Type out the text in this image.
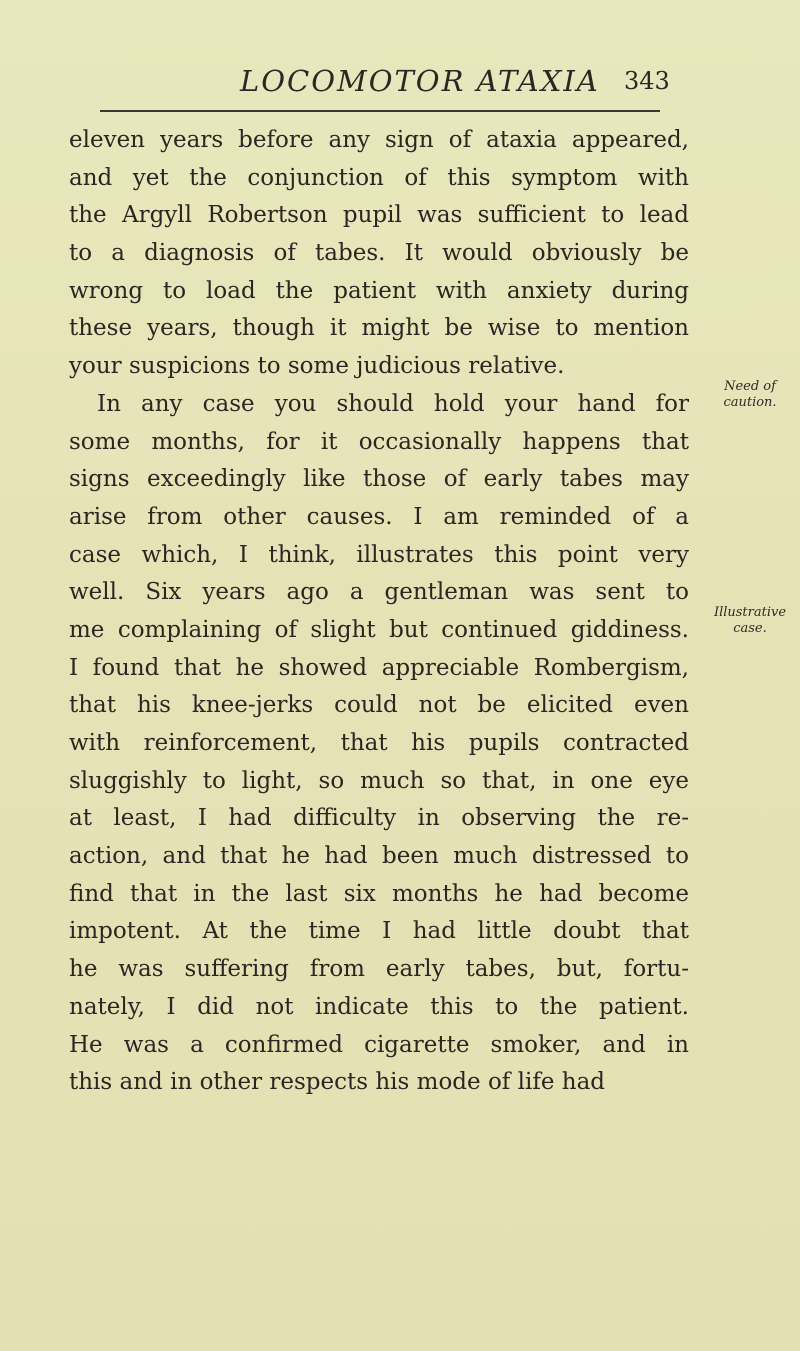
LOCOMOTOR ATAXIA 343
eleven years before any sign of ataxia appeared,
and yet the conjunction of this symptom with
the Argyll Robertson pupil was sufficient to lead
to a diagnosis of tabes. It would obviously be
wrong to load the patient with anxiety during
these years, though it might be wise to mention
your suspicions to some judicious relative.
In any case you should hold your hand for
some months, for it occasionally happens that
signs exceedingly like those of early tabes may
arise from other causes. I am reminded of a
case which, I think, illustrates this point very
well. Six years ago a gentleman was sent to
me complaining of slight but continued giddiness.
I found that he showed appreciable Rombergism,
that his knee-jerks could not be elicited even
with reinforcement, that his pupils contracted
sluggishly to light, so much so that, in one eye
at least, I had difficulty in observing the re-
action, and that he had been much distressed to
find that in the last six months he had become
impotent. At the time I had little doubt that
he was suffering from early tabes, but, fortu-
nately, I did not indicate this to the patient.
He was a confirmed cigarette smoker, and in
this and in other respects his mode of life had
Need of
caution.
Illustrative
case.
